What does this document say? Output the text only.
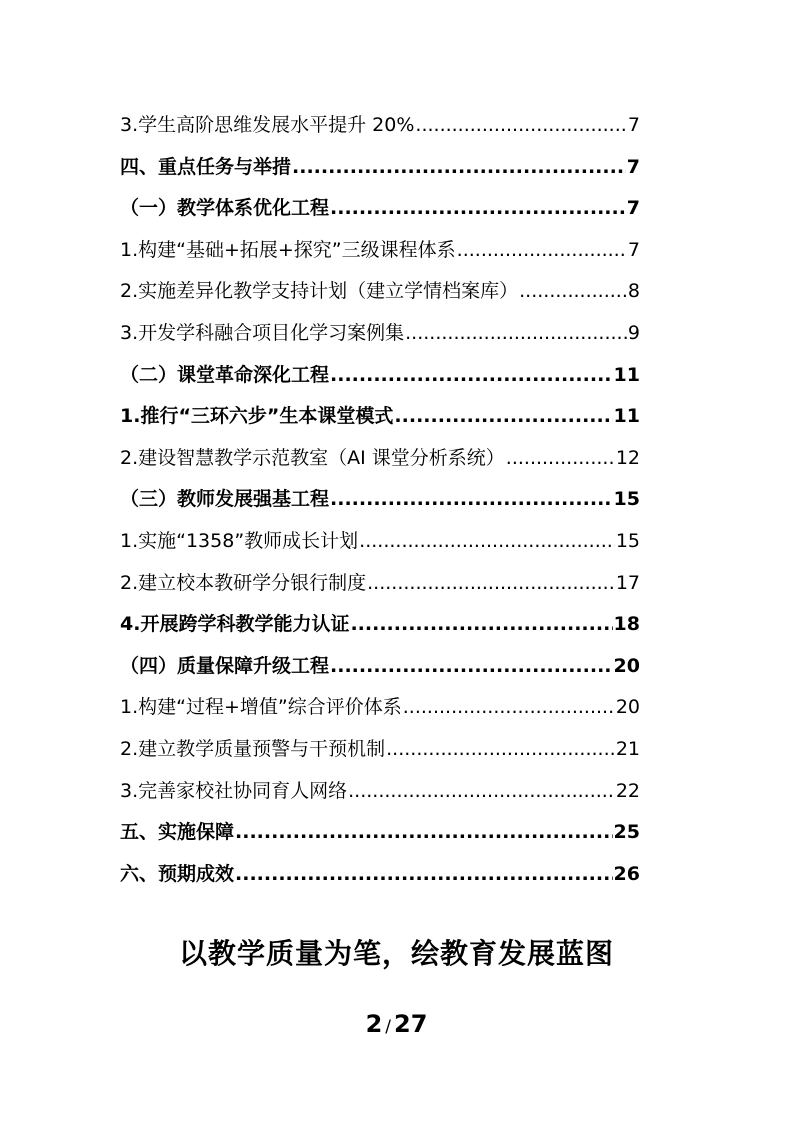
3.学生高阶思维发展水平提升 20% .....	7
四、重点任务与举措 .....	7
（一）教学体系优化工程 .....	7
1.构建“基础+拓展+探究”三级课程体系 .....	7
2.实施差异化教学支持计划（建立学情档案库） .....	8
3.开发学科融合项目化学习案例集 .....	9
（二）课堂革命深化工程 .....	11
1.推行“三环六步”生本课堂模式 .....	11
2.建设智慧教学示范教室（AI 课堂分析系统） .....	12
（三）教师发展强基工程 .....	15
1.实施“1358”教师成长计划 .....	15
2.建立校本教研学分银行制度 .....	17
4.开展跨学科教学能力认证 .....	18
（四）质量保障升级工程 .....	20
1.构建“过程+增值”综合评价体系 .....	20
2.建立教学质量预警与干预机制 .....	21
3.完善家校社协同育人网络 .....	22
五、实施保障 .....	25
六、预期成效 .....	26
以教学质量为笔，绘教育发展蓝图
2 / 27
